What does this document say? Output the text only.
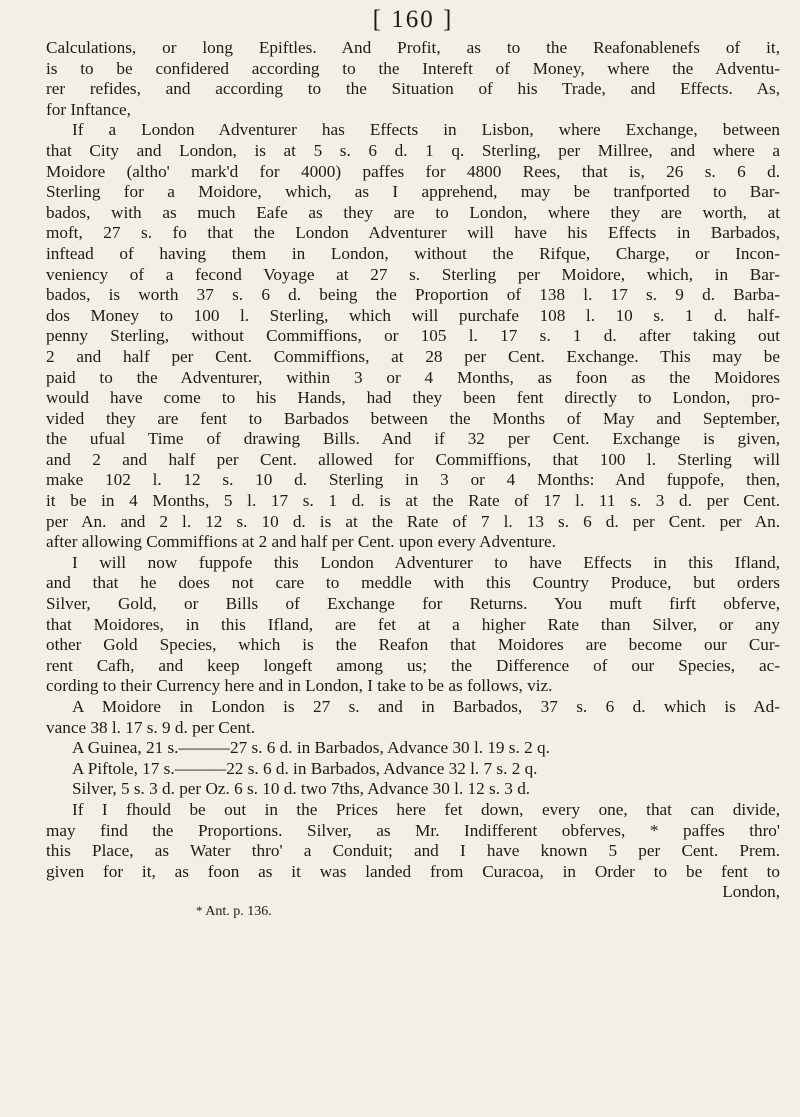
[ 160 ]
Calculations, or long Epiftles. And Profit, as to the Reafonablenefs of it,
is to be confidered according to the Intereft of Money, where the Adventu-
rer refides, and according to the Situation of his Trade, and Effects. As,
for Inftance,
If a London Adventurer has Effects in Lisbon, where Exchange, between
that City and London, is at 5 s. 6 d. 1 q. Sterling, per Millree, and where a
Moidore (altho' mark'd for 4000) paffes for 4800 Rees, that is, 26 s. 6 d.
Sterling for a Moidore, which, as I apprehend, may be tranfported to Bar-
bados, with as much Eafe as they are to London, where they are worth, at
moft, 27 s. fo that the London Adventurer will have his Effects in Barbados,
inftead of having them in London, without the Rifque, Charge, or Incon-
veniency of a fecond Voyage at 27 s. Sterling per Moidore, which, in Bar-
bados, is worth 37 s. 6 d. being the Proportion of 138 l. 17 s. 9 d. Barba-
dos Money to 100 l. Sterling, which will purchafe 108 l. 10 s. 1 d. half-
penny Sterling, without Commiffions, or 105 l. 17 s. 1 d. after taking out
2 and half per Cent. Commiffions, at 28 per Cent. Exchange. This may be
paid to the Adventurer, within 3 or 4 Months, as foon as the Moidores
would have come to his Hands, had they been fent directly to London, pro-
vided they are fent to Barbados between the Months of May and September,
the ufual Time of drawing Bills. And if 32 per Cent. Exchange is given,
and 2 and half per Cent. allowed for Commiffions, that 100 l. Sterling will
make 102 l. 12 s. 10 d. Sterling in 3 or 4 Months: And fuppofe, then,
it be in 4 Months, 5 l. 17 s. 1 d. is at the Rate of 17 l. 11 s. 3 d. per Cent.
per An. and 2 l. 12 s. 10 d. is at the Rate of 7 l. 13 s. 6 d. per Cent. per An.
after allowing Commiffions at 2 and half per Cent. upon every Adventure.
I will now fuppofe this London Adventurer to have Effects in this Ifland,
and that he does not care to meddle with this Country Produce, but orders
Silver, Gold, or Bills of Exchange for Returns. You muft firft obferve,
that Moidores, in this Ifland, are fet at a higher Rate than Silver, or any
other Gold Species, which is the Reafon that Moidores are become our Cur-
rent Cafh, and keep longeft among us; the Difference of our Species, ac-
cording to their Currency here and in London, I take to be as follows, viz.
A Moidore in London is 27 s. and in Barbados, 37 s. 6 d. which is Ad-
vance 38 l. 17 s. 9 d. per Cent.
A Guinea, 21 s.———27 s. 6 d. in Barbados, Advance 30 l. 19 s. 2 q.
A Piftole, 17 s.———22 s. 6 d. in Barbados, Advance 32 l. 7 s. 2 q.
Silver, 5 s. 3 d. per Oz. 6 s. 10 d. two 7ths, Advance 30 l. 12 s. 3 d.
If I fhould be out in the Prices here fet down, every one, that can divide,
may find the Proportions. Silver, as Mr. Indifferent obferves, * paffes thro'
this Place, as Water thro' a Conduit; and I have known 5 per Cent. Prem.
given for it, as foon as it was landed from Curacoa, in Order to be fent to
London,
* Ant. p. 136.
